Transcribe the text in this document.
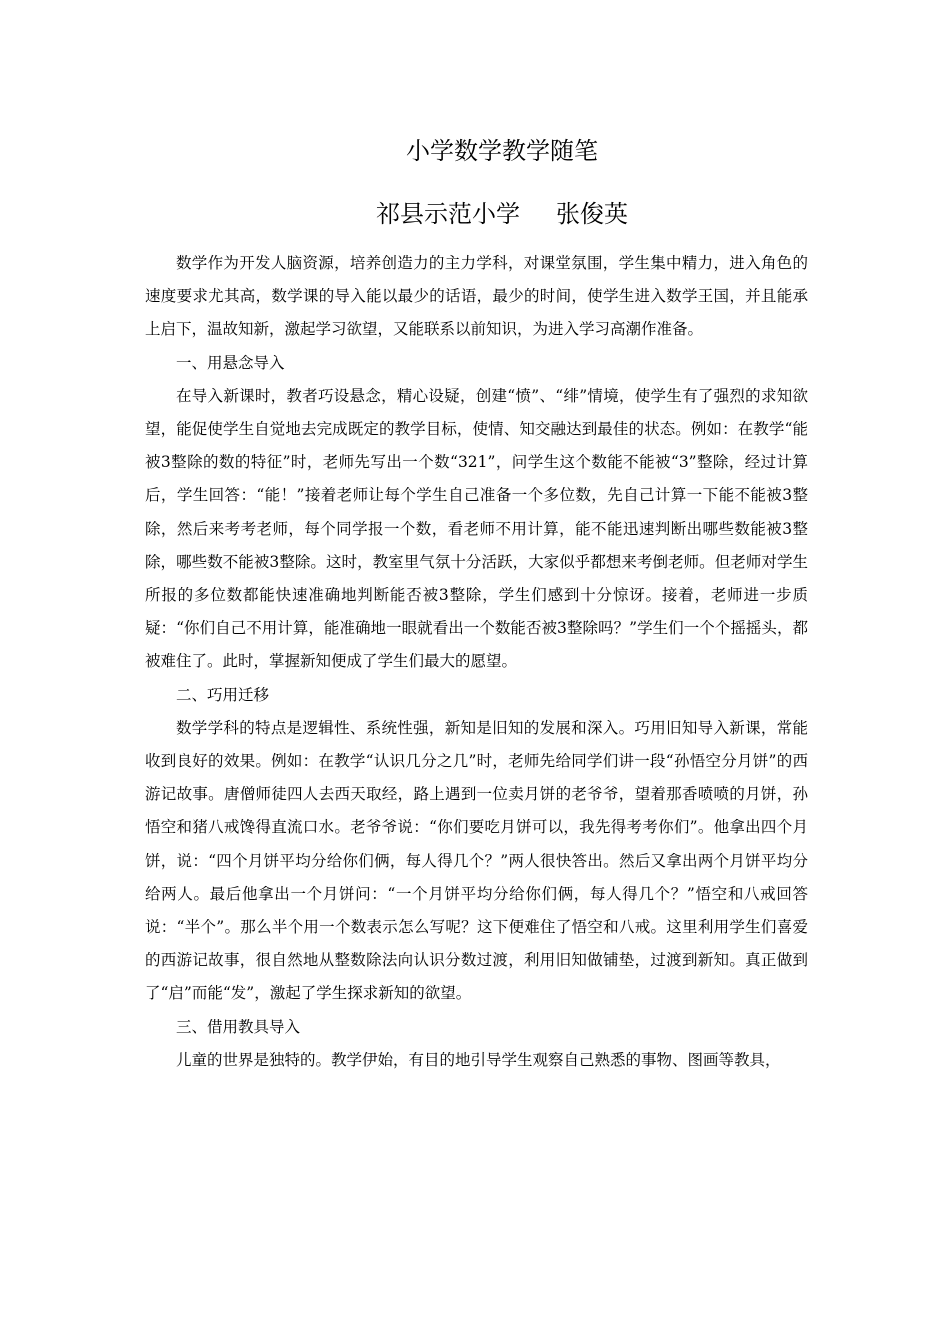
小学数学教学随笔
祁县示范小学 张俊英

数学作为开发人脑资源，培养创造力的主力学科，对课堂氛围，学生集中精力，进入角色的速度要求尤其高，数学课的导入能以最少的话语，最少的时间，使学生进入数学王国，并且能承上启下，温故知新，激起学习欲望，又能联系以前知识，为进入学习高潮作准备。

一、用悬念导入

在导入新课时，教者巧设悬念，精心设疑，创建“愤”、“绯”情境，使学生有了强烈的求知欲望，能促使学生自觉地去完成既定的教学目标，使情、知交融达到最佳的状态。例如：在教学“能被3整除的数的特征”时，老师先写出一个数“321”，问学生这个数能不能被“3”整除，经过计算后，学生回答：“能！”接着老师让每个学生自己准备一个多位数，先自己计算一下能不能被3整除，然后来考考老师，每个同学报一个数，看老师不用计算，能不能迅速判断出哪些数能被3整除，哪些数不能被3整除。这时，教室里气氛十分活跃，大家似乎都想来考倒老师。但老师对学生所报的多位数都能快速准确地判断能否被3整除，学生们感到十分惊讶。接着，老师进一步质疑：“你们自己不用计算，能准确地一眼就看出一个数能否被3整除吗？”学生们一个个摇摇头，都被难住了。此时，掌握新知便成了学生们最大的愿望。

二、巧用迁移

数学学科的特点是逻辑性、系统性强，新知是旧知的发展和深入。巧用旧知导入新课，常能收到良好的效果。例如：在教学“认识几分之几”时，老师先给同学们讲一段“孙悟空分月饼”的西游记故事。唐僧师徒四人去西天取经，路上遇到一位卖月饼的老爷爷，望着那香喷喷的月饼，孙悟空和猪八戒馋得直流口水。老爷爷说：“你们要吃月饼可以，我先得考考你们”。他拿出四个月饼，说：“四个月饼平均分给你们俩，每人得几个？”两人很快答出。然后又拿出两个月饼平均分给两人。最后他拿出一个月饼问：“一个月饼平均分给你们俩，每人得几个？”悟空和八戒回答说：“半个”。那么半个用一个数表示怎么写呢？这下便难住了悟空和八戒。这里利用学生们喜爱的西游记故事，很自然地从整数除法向认识分数过渡，利用旧知做铺垫，过渡到新知。真正做到了“启”而能“发”，激起了学生探求新知的欲望。

三、借用教具导入

儿童的世界是独特的。教学伊始，有目的地引导学生观察自己熟悉的事物、图画等教具，
